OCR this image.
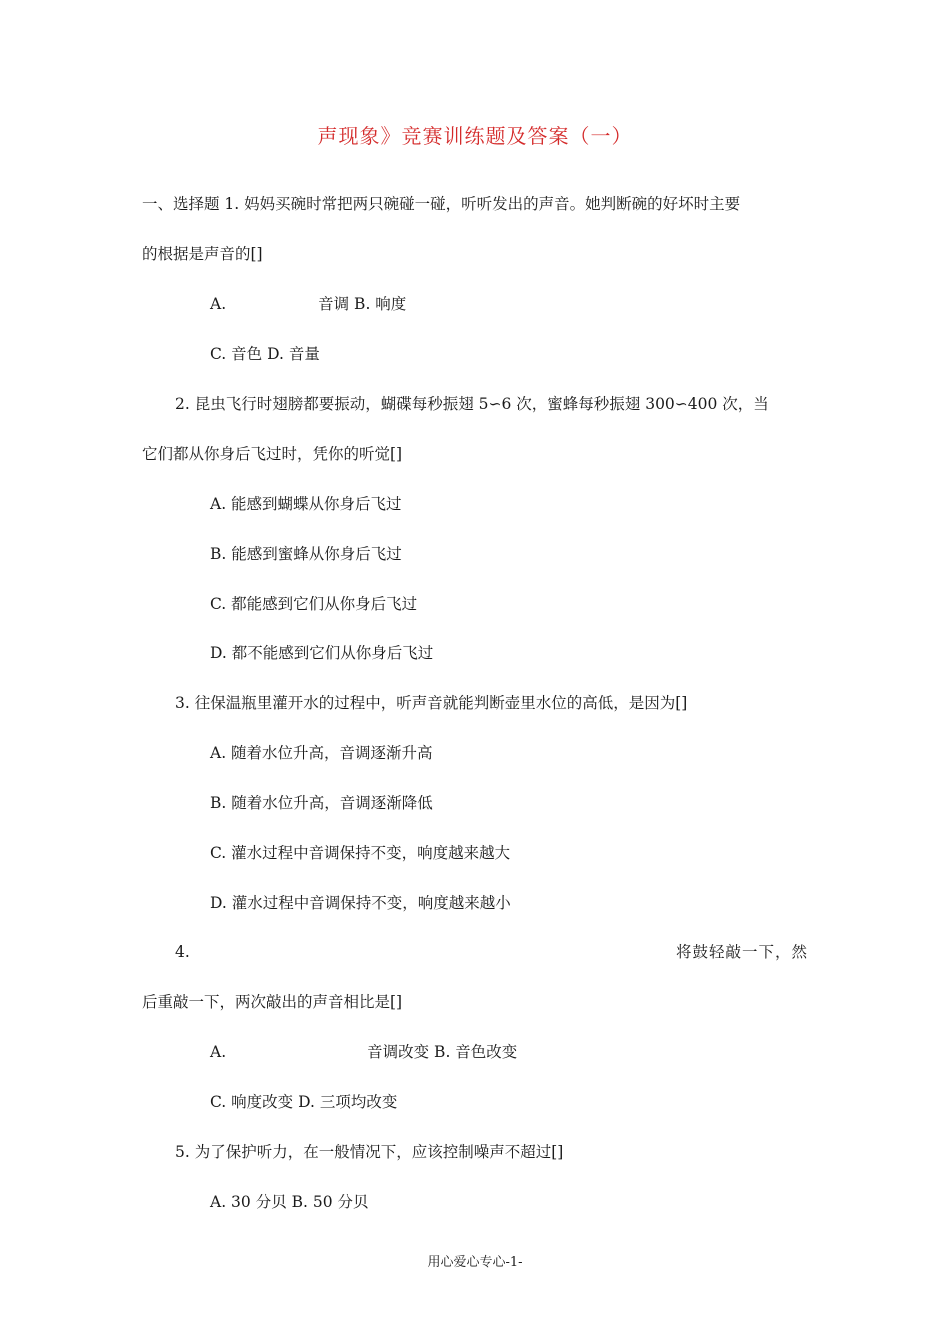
声现象》竞赛训练题及答案（一）
一、选择题 1. 妈妈买碗时常把两只碗碰一碰，听听发出的声音。她判断碗的好坏时主要
的根据是声音的[]
A.	音调 B. 响度
C. 音色 D. 音量
2. 昆虫飞行时翅膀都要振动，蝴碟每秒振翅 5∽6 次，蜜蜂每秒振翅 300∽400 次，当
它们都从你身后飞过时，凭你的听觉[]
A. 能感到蝴蝶从你身后飞过
B. 能感到蜜蜂从你身后飞过
C. 都能感到它们从你身后飞过
D. 都不能感到它们从你身后飞过
3. 往保温瓶里灌开水的过程中，听声音就能判断壶里水位的高低，是因为[]
A. 随着水位升高，音调逐渐升高
B. 随着水位升高，音调逐渐降低
C. 灌水过程中音调保持不变，响度越来越大
D. 灌水过程中音调保持不变，响度越来越小
4.	将鼓轻敲一下，然
后重敲一下，两次敲出的声音相比是[]
A.	音调改变 B. 音色改变
C. 响度改变 D. 三项均改变
5. 为了保护听力，在一般情况下，应该控制噪声不超过[]
A. 30 分贝 B. 50 分贝
用心爱心专心-1-
